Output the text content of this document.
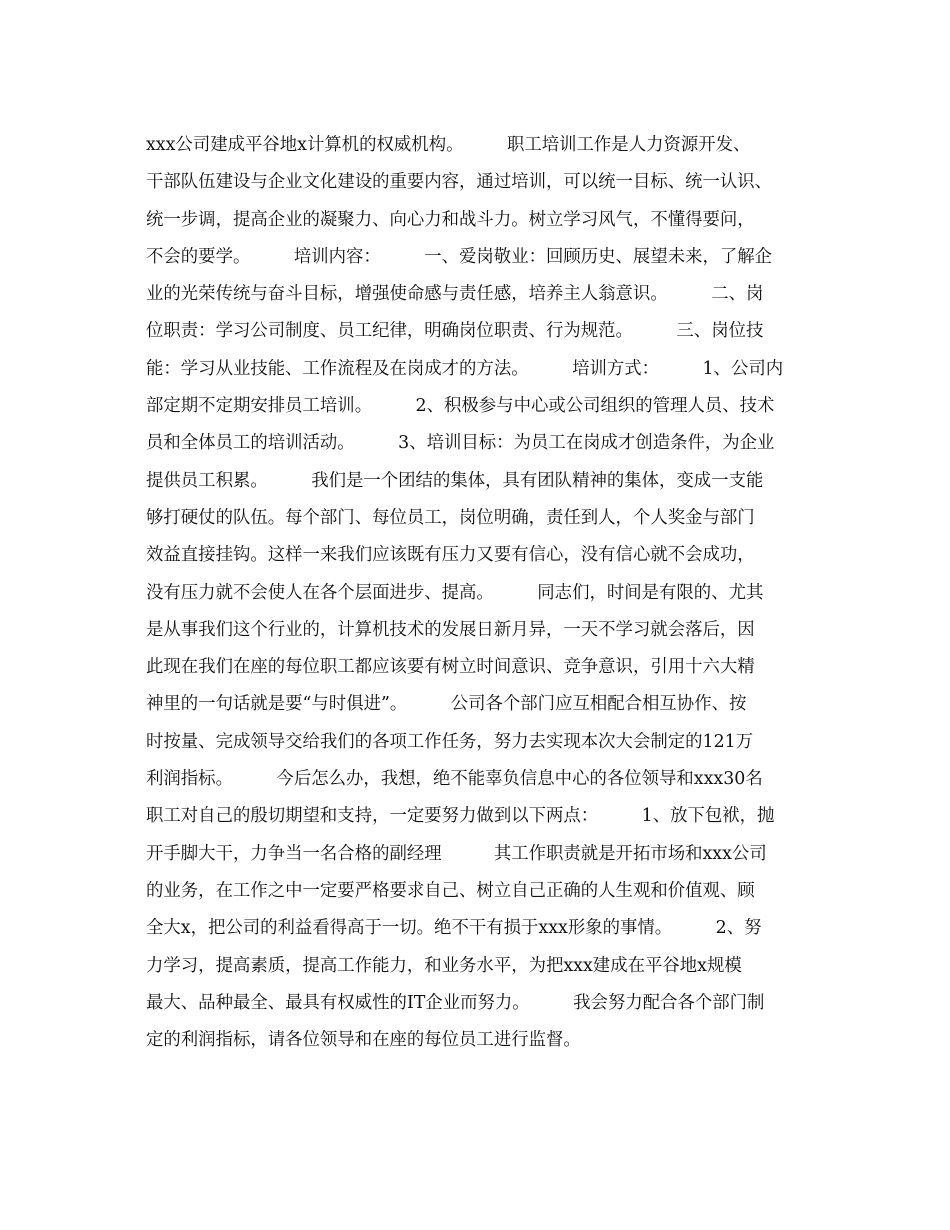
xxx公司建成平谷地x计算机的权威机构。　　　职工培训工作是人力资源开发、
干部队伍建设与企业文化建设的重要内容，通过培训，可以统一目标、统一认识、
统一步调，提高企业的凝聚力、向心力和战斗力。树立学习风气，不懂得要问，
不会的要学。　　　培训内容：　　　一、爱岗敬业：回顾历史、展望未来，了解企
业的光荣传统与奋斗目标，增强使命感与责任感，培养主人翁意识。　　　二、岗
位职责：学习公司制度、员工纪律，明确岗位职责、行为规范。　　　三、岗位技
能：学习从业技能、工作流程及在岗成才的方法。　　　培训方式：　　　1、公司内
部定期不定期安排员工培训。　　　2、积极参与中心或公司组织的管理人员、技术
员和全体员工的培训活动。　　　3、培训目标：为员工在岗成才创造条件，为企业
提供员工积累。　　　我们是一个团结的集体，具有团队精神的集体，变成一支能
够打硬仗的队伍。每个部门、每位员工，岗位明确，责任到人，个人奖金与部门
效益直接挂钩。这样一来我们应该既有压力又要有信心，没有信心就不会成功，
没有压力就不会使人在各个层面进步、提高。　　　同志们，时间是有限的、尤其
是从事我们这个行业的，计算机技术的发展日新月异，一天不学习就会落后，因
此现在我们在座的每位职工都应该要有树立时间意识、竞争意识，引用十六大精
神里的一句话就是要“与时俱进”。　　　公司各个部门应互相配合相互协作、按
时按量、完成领导交给我们的各项工作任务，努力去实现本次大会制定的121万
利润指标。　　　今后怎么办，我想，绝不能辜负信息中心的各位领导和xxx30名
职工对自己的殷切期望和支持，一定要努力做到以下两点：　　　1、放下包袱，抛
开手脚大干，力争当一名合格的副经理　　　其工作职责就是开拓市场和xxx公司
的业务，在工作之中一定要严格要求自己、树立自己正确的人生观和价值观、顾
全大x，把公司的利益看得高于一切。绝不干有损于xxx形象的事情。　　　2、努
力学习，提高素质，提高工作能力，和业务水平，为把xxx建成在平谷地x规模
最大、品种最全、最具有权威性的IT企业而努力。　　　我会努力配合各个部门制
定的利润指标，请各位领导和在座的每位员工进行监督。
